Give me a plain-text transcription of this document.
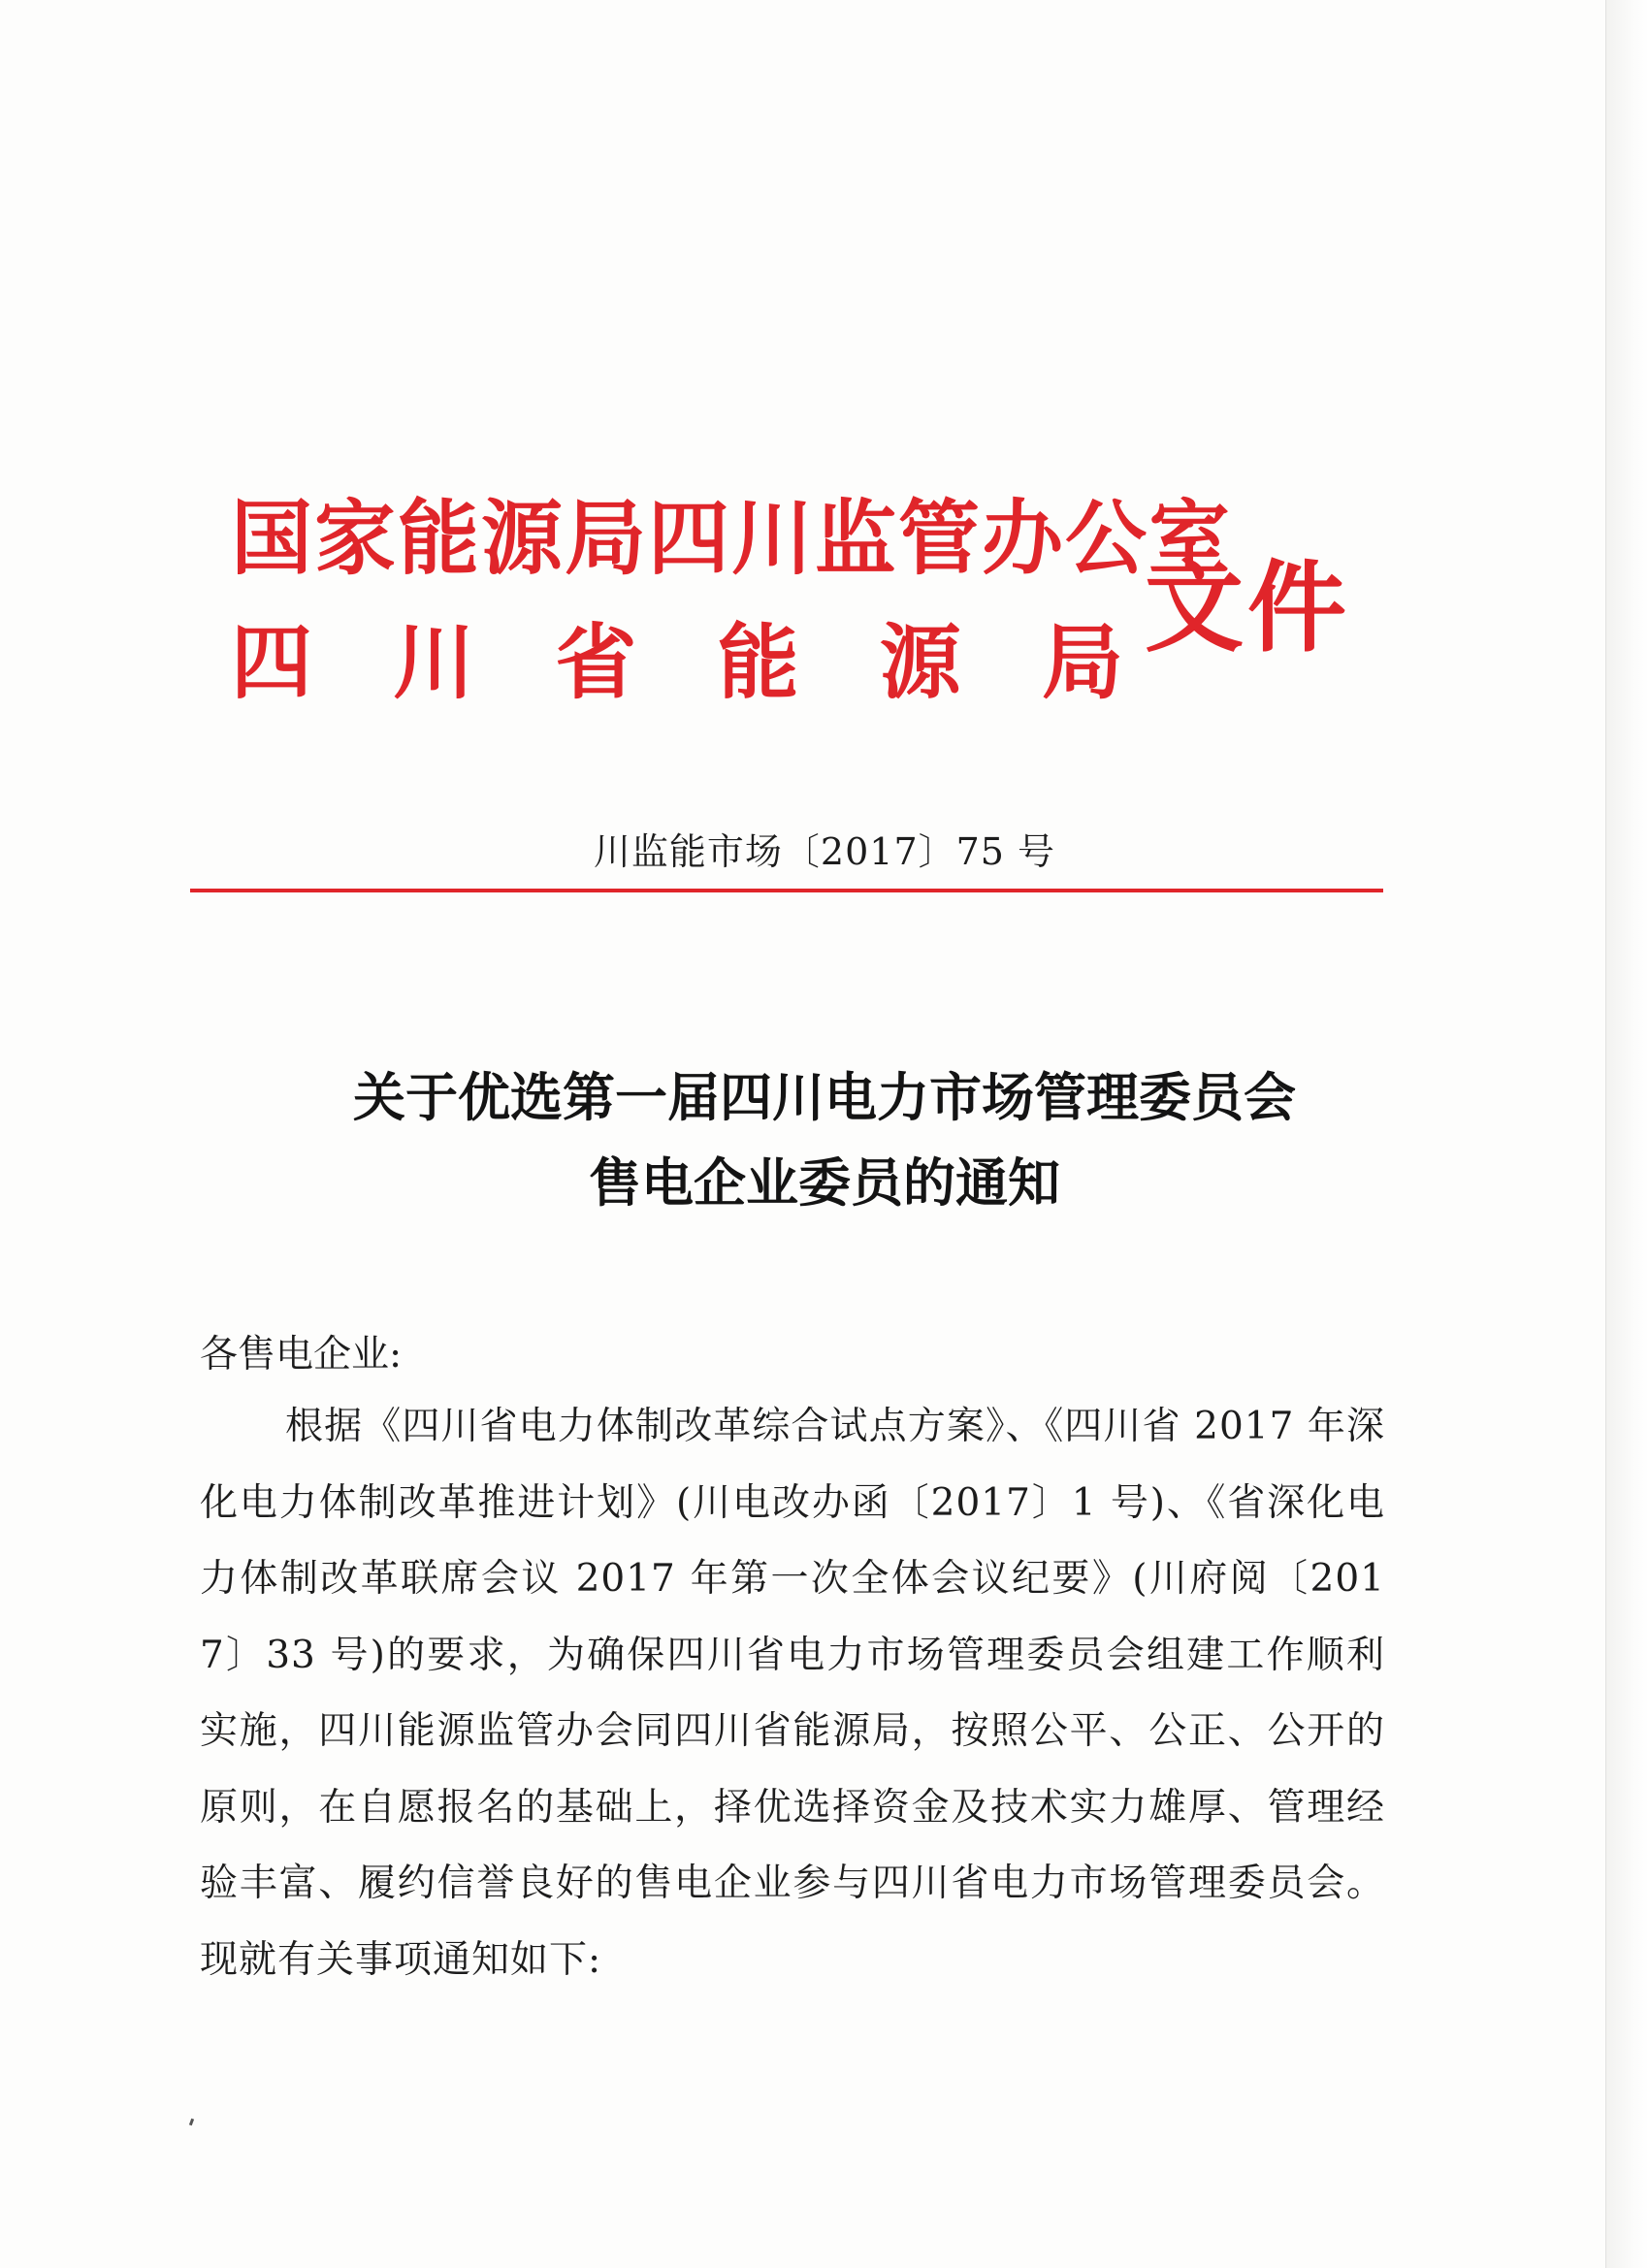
国家能源局四川监管办公室
四 川 省 能 源 局 文件
川监能市场〔2017〕75 号
关于优选第一届四川电力市场管理委员会
售电企业委员的通知
各售电企业:
根据《四川省电力体制改革综合试点方案》、《四川省 2017 年深化电力体制改革推进计划》(川电改办函〔2017〕1 号)、《省深化电力体制改革联席会议 2017 年第一次全体会议纪要》(川府阅〔2017〕33 号)的要求，为确保四川省电力市场管理委员会组建工作顺利实施，四川能源监管办会同四川省能源局，按照公平、公正、公开的原则，在自愿报名的基础上，择优选择资金及技术实力雄厚、管理经验丰富、履约信誉良好的售电企业参与四川省电力市场管理委员会。现就有关事项通知如下:
